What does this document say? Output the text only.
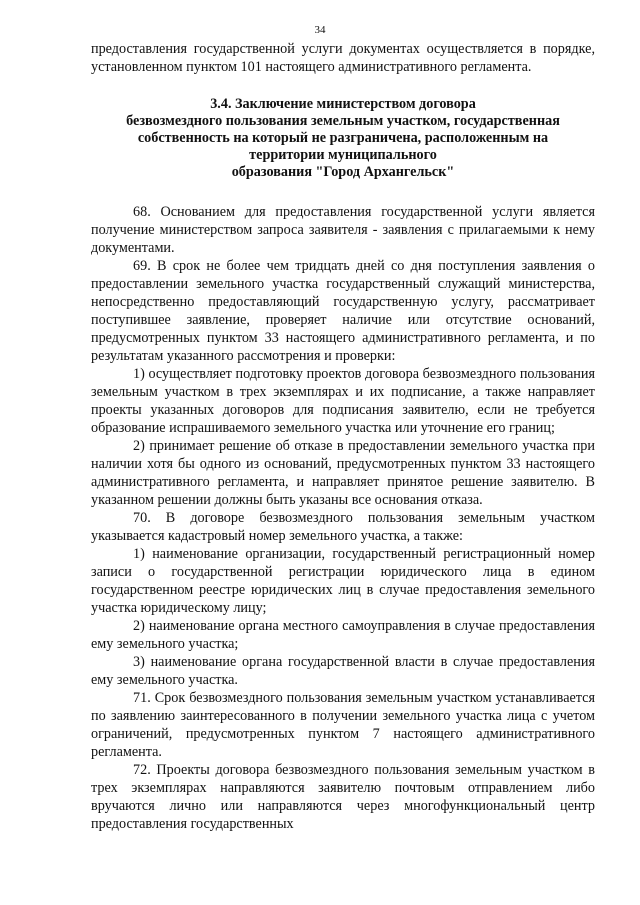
34

предоставления государственной услуги документах осуществляется в порядке, установленном пунктом 101 настоящего административного регламента.

3.4. Заключение министерством договора
безвозмездного пользования земельным участком, государственная
собственность на который не разграничена, расположенным на
территории муниципального
образования "Город Архангельск"

68. Основанием для предоставления государственной услуги является получение министерством запроса заявителя - заявления с прилагаемыми к нему документами.

69. В срок не более чем тридцать дней со дня поступления заявления о предоставлении земельного участка государственный служащий министерства, непосредственно предоставляющий государственную услугу, рассматривает поступившее заявление, проверяет наличие или отсутствие оснований, предусмотренных пунктом 33 настоящего административного регламента, и по результатам указанного рассмотрения и проверки:

1) осуществляет подготовку проектов договора безвозмездного пользования земельным участком в трех экземплярах и их подписание, а также направляет проекты указанных договоров для подписания заявителю, если не требуется образование испрашиваемого земельного участка или уточнение его границ;

2) принимает решение об отказе в предоставлении земельного участка при наличии хотя бы одного из оснований, предусмотренных пунктом 33 настоящего административного регламента, и направляет принятое решение заявителю. В указанном решении должны быть указаны все основания отказа.

70. В договоре безвозмездного пользования земельным участком указывается кадастровый номер земельного участка, а также:

1) наименование организации, государственный регистрационный номер записи о государственной регистрации юридического лица в едином государственном реестре юридических лиц в случае предоставления земельного участка юридическому лицу;

2) наименование органа местного самоуправления в случае предоставления ему земельного участка;

3) наименование органа государственной власти в случае предоставления ему земельного участка.

71. Срок безвозмездного пользования земельным участком устанавливается по заявлению заинтересованного в получении земельного участка лица с учетом ограничений, предусмотренных пунктом 7 настоящего административного регламента.

72. Проекты договора безвозмездного пользования земельным участком в трех экземплярах направляются заявителю почтовым отправлением либо вручаются лично или направляются через многофункциональный центр предоставления государственных
